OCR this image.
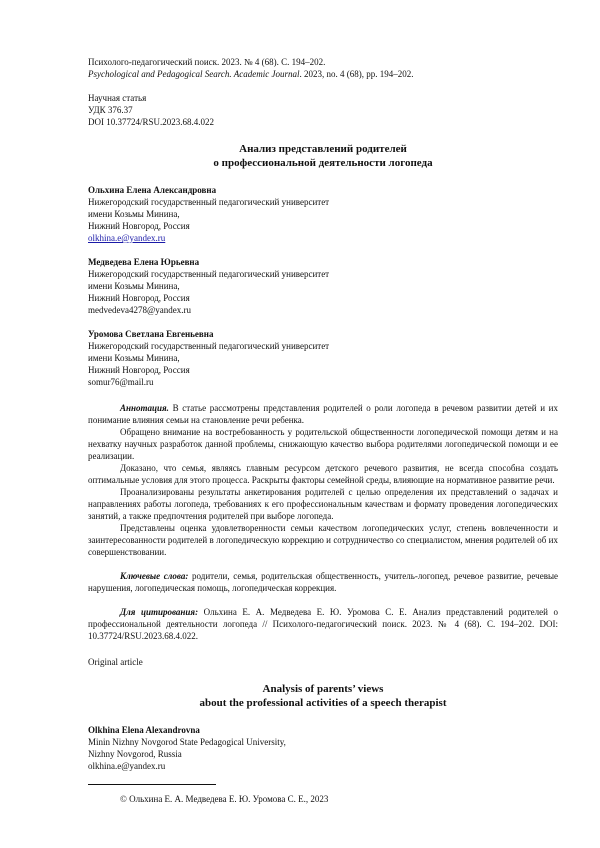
Психолого-педагогический поиск. 2023. № 4 (68). С. 194–202.

Psychological and Pedagogical Search. Academic Journal. 2023, no. 4 (68), pp. 194–202.

Научная статья

УДК 376.37

DOI 10.37724/RSU.2023.68.4.022

Анализ представлений родителей

о профессиональной деятельности логопеда

Ольхина Елена Александровна

Нижегородский государственный педагогический университет

имени Козьмы Минина,

Нижний Новгород, Россия

olkhina.e@yandex.ru

Медведева Елена Юрьевна

Нижегородский государственный педагогический университет

имени Козьмы Минина,

Нижний Новгород, Россия

medvedeva4278@yandex.ru

Уромова Светлана Евгеньевна

Нижегородский государственный педагогический университет

имени Козьмы Минина,

Нижний Новгород, Россия

somur76@mail.ru

Аннотация. В статье рассмотрены представления родителей о роли логопеда в речевом развитии детей и их понимание влияния семьи на становление речи ребенка.

Обращено внимание на востребованность у родительской общественности логопедической помощи детям и на нехватку научных разработок данной проблемы, снижающую качество выбора родителями логопедической помощи и ее реализации.

Доказано, что семья, являясь главным ресурсом детского речевого развития, не всегда способна создать оптимальные условия для этого процесса. Раскрыты факторы семейной среды, влияющие на нормативное развитие речи.

Проанализированы результаты анкетирования родителей с целью определения их представлений о задачах и направлениях работы логопеда, требованиях к его профессиональным качествам и формату проведения логопедических занятий, а также предпочтения родителей при выборе логопеда.

Представлены оценка удовлетворенности семьи качеством логопедических услуг, степень вовлеченности и заинтересованности родителей в логопедическую коррекцию и сотрудничество со специалистом, мнения родителей об их совершенствовании.

Ключевые слова: родители, семья, родительская общественность, учитель-логопед, речевое развитие, речевые нарушения, логопедическая помощь, логопедическая коррекция.

Для цитирования: Ольхина Е. А. Медведева Е. Ю. Уромова С. Е. Анализ представлений родителей о профессиональной деятельности логопеда // Психолого-педагогический поиск. 2023. № 4 (68). С. 194–202. DOI: 10.37724/RSU.2023.68.4.022.

Original article

Analysis of parents’ views

about the professional activities of a speech therapist

Olkhina Elena Alexandrovna

Minin Nizhny Novgorod State Pedagogical University,

Nizhny Novgorod, Russia

olkhina.e@yandex.ru

© Ольхина Е. А. Медведева Е. Ю. Уромова С. Е., 2023
